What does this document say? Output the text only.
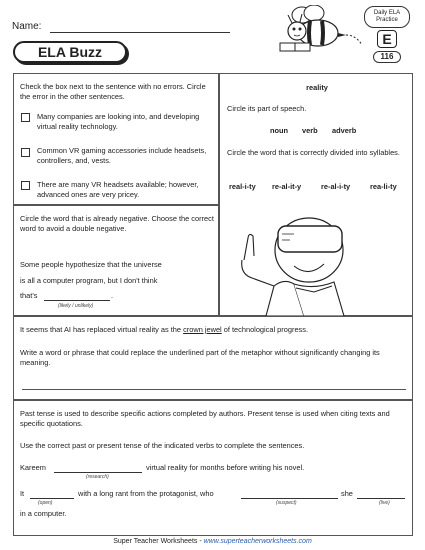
Name:
ELA Buzz
Daily ELA
Practice
E
116
Check the box next to the sentence with no errors. Circle the error in the other sentences.
Many companies are looking into, and developing virtual reality technology.
Common VR gaming accessories include headsets, controllers, and, vests.
There are many VR headsets available; however, advanced ones are very pricey.
reality
Circle its part of speech.
noun verb adverb
Circle the word that is correctly divided into syllables.
real-i-ty re-al-it-y	re-al-i-ty	rea-li-ty
Circle the word that is already negative. Choose the correct word to avoid a double negative.
Some people hypothesize that the universe
is all a computer program, but I don't think
that's	.
(likely / unlikely)
It seems that AI has replaced virtual reality as the crown jewel of technological progress.
Write a word or phrase that could replace the underlined part of the metaphor without significantly changing its meaning.
Past tense is used to describe specific actions completed by authors. Present tense is used when citing texts and specific quotations.
Use the correct past or present tense of the indicated verbs to complete the sentences.
Kareem	virtual reality for months before writing his novel.
(research)
It
(open)
with a long rant from the protagonist, who
(suspect)
she
(live)
in a computer.
Super Teacher Worksheets - www.superteacherworksheets.com
